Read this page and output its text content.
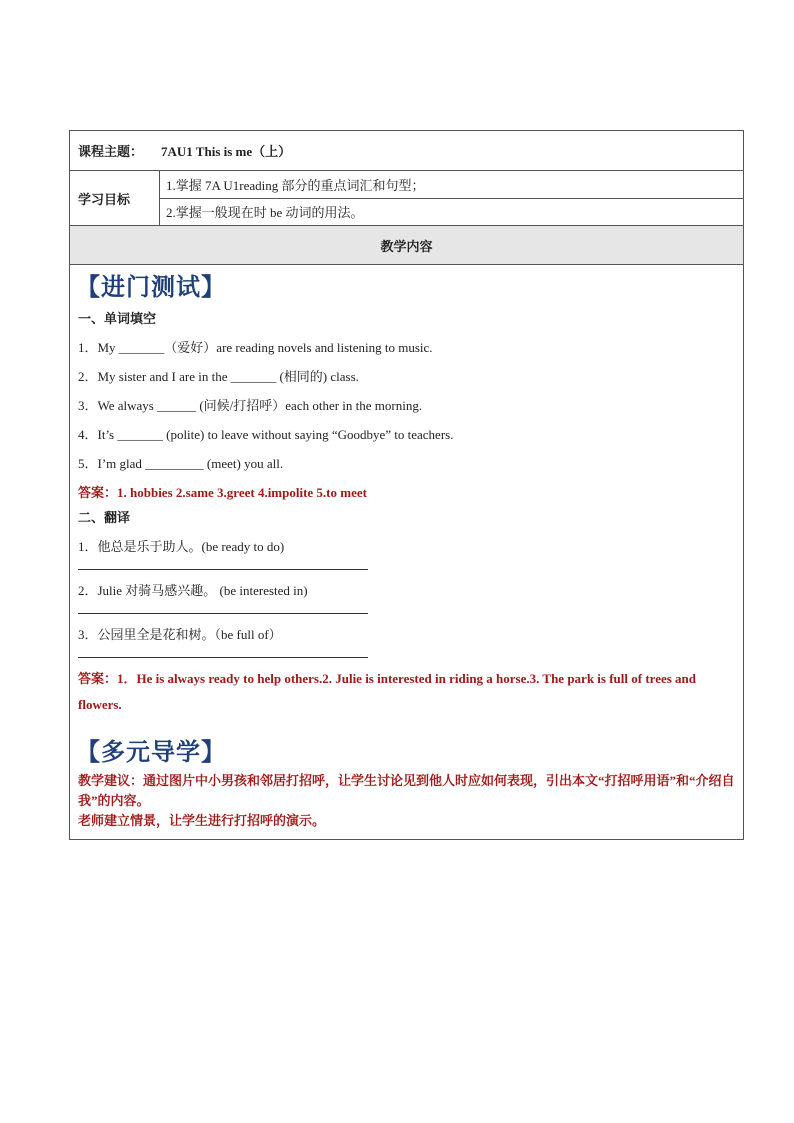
课程主题： 7AU1 This is me（上）
学习目标
1.掌握 7A U1reading 部分的重点词汇和句型；
2.掌握一般现在时 be 动词的用法。
教学内容
【进门测试】
一、单词填空
1．My _______（爱好）are reading novels and listening to music.
2．My sister and I are in the _______ (相同的) class.
3．We always ______ (问候/打招呼）each other in the morning.
4．It’s _______ (polite) to leave without saying “Goodbye” to teachers.
5．I’m glad _________ (meet) you all.
答案：1. hobbies 2.same 3.greet 4.impolite 5.to meet
二、翻译
1．他总是乐于助人。(be ready to do)
2．Julie 对骑马感兴趣。 (be interested in)
3．公园里全是花和树。（be full of）
答案：1．He is always ready to help others.2. Julie is interested in riding a horse.3. The park is full of trees and flowers.
【多元导学】
教学建议：通过图片中小男孩和邻居打招呼，让学生讨论见到他人时应如何表现，引出本文“打招呼用语”和“介绍自我”的内容。
老师建立情景，让学生进行打招呼的演示。
